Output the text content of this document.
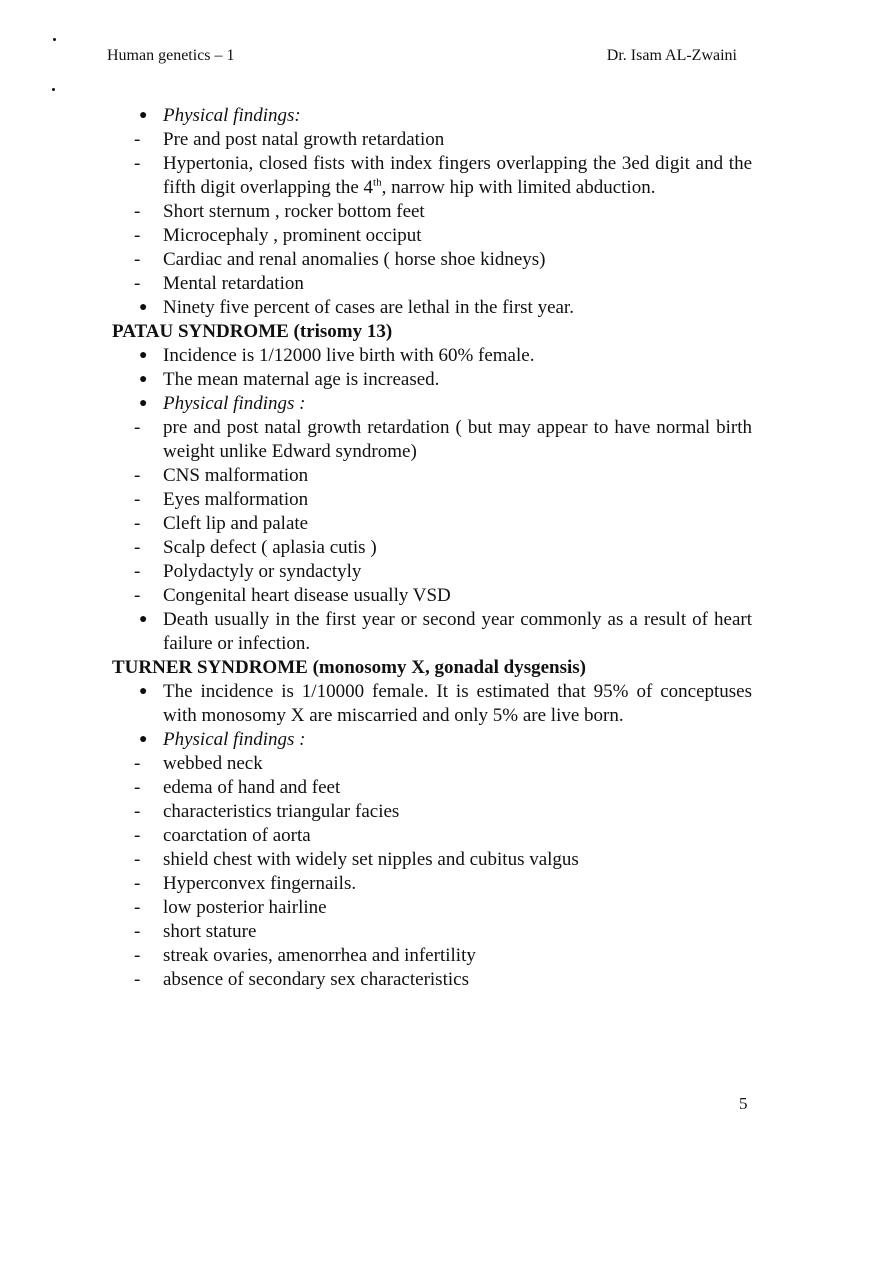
Human genetics – 1	Dr. Isam AL-Zwaini
● Physical findings:
- Pre and post natal growth retardation
- Hypertonia, closed fists with index fingers overlapping the 3ed digit and the fifth digit overlapping the 4th, narrow hip with limited abduction.
- Short sternum , rocker bottom feet
- Microcephaly , prominent occiput
- Cardiac and renal anomalies ( horse shoe kidneys)
- Mental retardation
● Ninety five percent of cases are lethal in the first year.
PATAU SYNDROME (trisomy 13)
● Incidence is 1/12000 live birth with 60% female.
● The mean maternal age is increased.
● Physical findings :
- pre and post natal growth retardation ( but may appear to have normal birth weight unlike Edward syndrome)
- CNS malformation
- Eyes malformation
- Cleft lip and palate
- Scalp defect ( aplasia cutis )
- Polydactyly or syndactyly
- Congenital heart disease usually VSD
● Death usually in the first year or second year commonly as a result of heart failure or infection.
TURNER SYNDROME (monosomy X, gonadal dysgensis)
● The incidence is 1/10000 female. It is estimated that 95% of conceptuses with monosomy X are miscarried and only 5% are live born.
● Physical findings :
- webbed neck
- edema of hand and feet
- characteristics triangular facies
- coarctation of aorta
- shield chest with widely set nipples and cubitus valgus
- Hyperconvex fingernails.
- low posterior hairline
- short stature
- streak ovaries, amenorrhea and infertility
- absence of secondary sex characteristics
5
